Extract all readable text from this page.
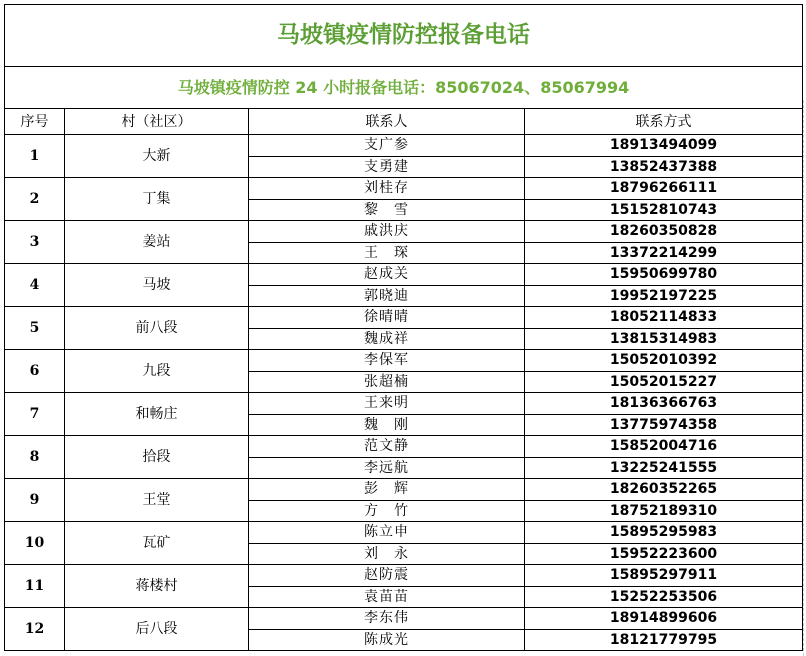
马坡镇疫情防控报备电话			
马坡镇疫情防控 24 小时报备电话：85067024、85067994			
序号	村（社区）	联系人	联系方式
1	大新	支广参	18913494099
		支勇建	13852437388
2	丁集	刘桂存	18796266111
		黎　雪	15152810743
3	姜站	戚洪庆	18260350828
		王　琛	13372214299
4	马坡	赵成关	15950699780
		郭晓迪	19952197225
5	前八段	徐晴晴	18052114833
		魏成祥	13815314983
6	九段	李保军	15052010392
		张超楠	15052015227
7	和畅庄	王来明	18136366763
		魏　刚	13775974358
8	拾段	范文静	15852004716
		李远航	13225241555
9	王堂	彭　辉	18260352265
		方　竹	18752189310
10	瓦矿	陈立申	15895295983
		刘　永	15952223600
11	蒋楼村	赵防震	15895297911
		袁苗苗	15252253506
12	后八段	李东伟	18914899606
		陈成光	18121779795
